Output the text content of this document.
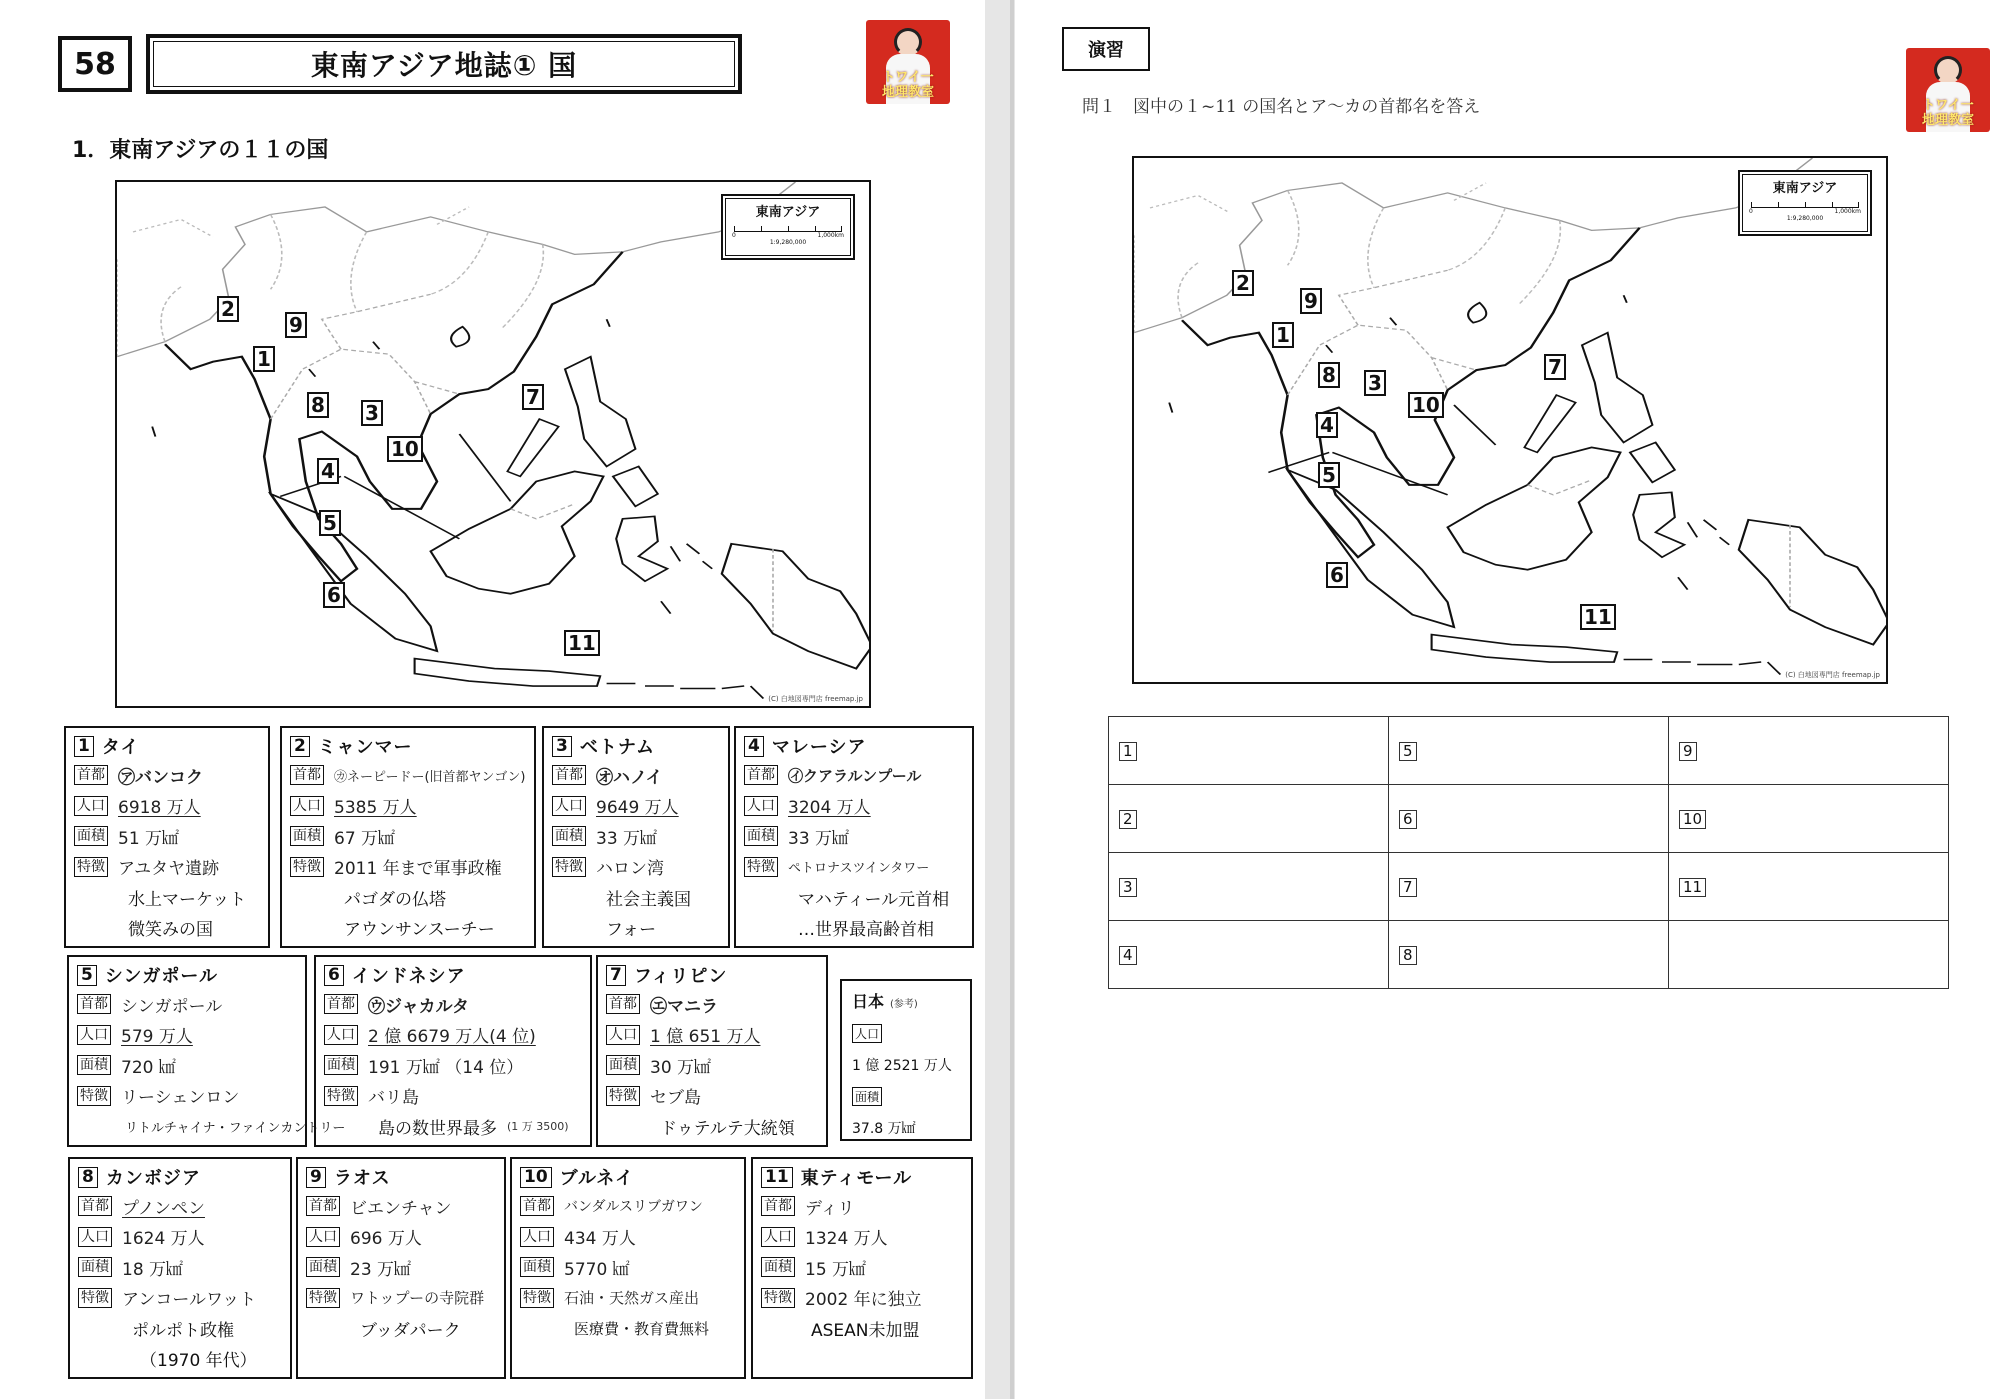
58	東南アジア地誌① 国	トワイ一
地理教室
1．東南アジアの１１の国
東南アジア
0	1,000km
1:9,280,000
2
9
1
8 3
7
10
4
5
6
11
(C) 白地図専門店 freemap.jp
1 タイ
首都 ㋐バンコク
人口 6918 万人
面積 51 万㎢
特徴 アユタヤ遺跡
水上マーケット
微笑みの国
2 ミャンマー
首都 ㋕ネーピードー(旧首都ヤンゴン)
人口 5385 万人
面積 67 万㎢
特徴 2011 年まで軍事政権
パゴダの仏塔
アウンサンスーチー
3 ベトナム
首都 ㋔ハノイ
人口 9649 万人
面積 33 万㎢
特徴 ハロン湾
社会主義国
フォー
4 マレーシア
首都 ㋑クアラルンプール
人口 3204 万人
面積 33 万㎢
特徴 ペトロナスツインタワー
マハティール元首相
…世界最高齢首相
5 シンガポール
首都 シンガポール
人口 579 万人
面積 720 ㎢
特徴 リーシェンロン
リトルチャイナ・ファインカントリー
6 インドネシア
首都 ㋒ジャカルタ
人口 2 億 6679 万人(4 位)
面積 191 万㎢ （14 位）
特徴 バリ島
島の数世界最多 (1 万 3500)
7 フィリピン
首都 ㋓マニラ
人口 1 億 651 万人
面積 30 万㎢
特徴 セブ島
ドゥテルテ大統領
日本 (参考)
人口
1 億 2521 万人
面積
37.8 万㎢
8 カンボジア
首都 プノンペン
人口 1624 万人
面積 18 万㎢
特徴 アンコールワット
ポルポト政権
（1970 年代）
9 ラオス
首都 ビエンチャン
人口 696 万人
面積 23 万㎢
特徴 ワトップーの寺院群
ブッダパーク
10 ブルネイ
首都 バンダルスリブガワン
人口 434 万人
面積 5770 ㎢
特徴 石油・天然ガス産出
医療費・教育費無料
11 東ティモール
首都 ディリ
人口 1324 万人
面積 15 万㎢
特徴 2002 年に独立
ASEAN未加盟
演習
トワイ一
地理教室
問１　図中の１~11 の国名とア～カの首都名を答え
東南アジア
0	1,000km
1:9,280,000
2
9
1
8 3
7
10
4
5
6
11
(C) 白地図専門店 freemap.jp
1	5	9
2	6	10
3	7	11
4	8	
